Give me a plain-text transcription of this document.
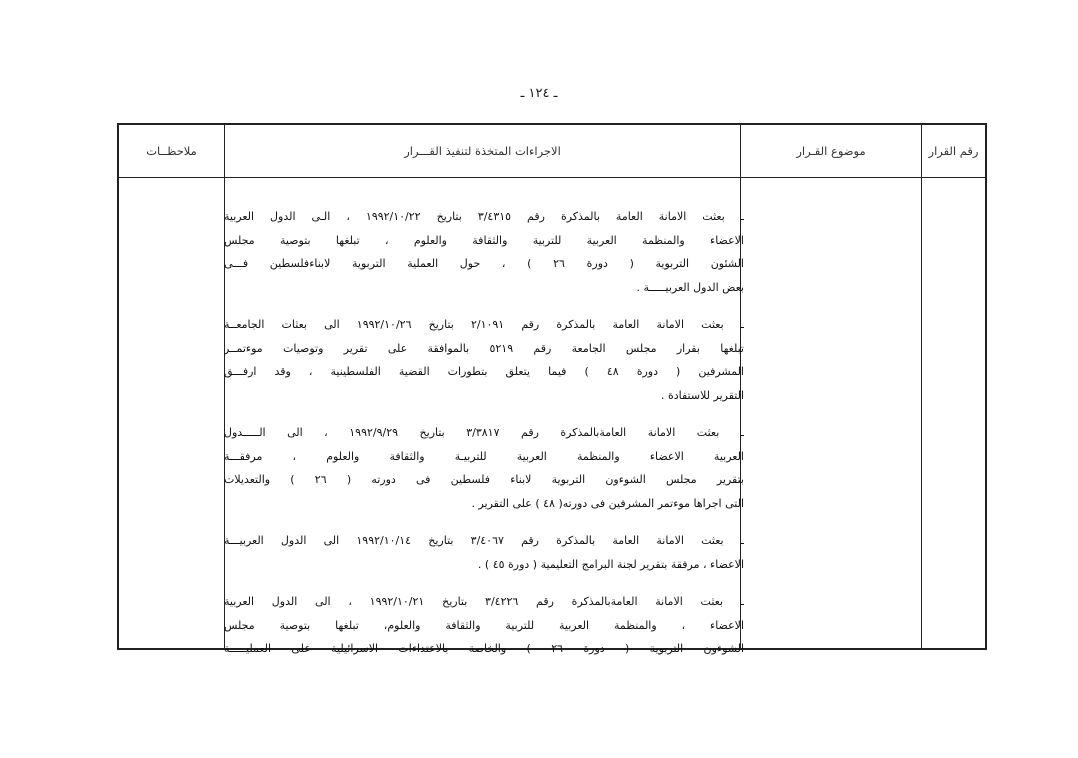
ـ ١٢٤ ـ
رقم القرار
موضوع القـرار
الاجراءات المتخذة لتنفيذ القـــرار
ملاحظــات
ـ بعثت الامانة العامة بالمذكرة رقم ٣/٤٣١٥ بتاريخ ١٩٩٢/١٠/٢٢ ، الـى الدول العربية
الاعضاء والمنظمة العربية للتربية والثقافة والعلوم ، تبلغها بتوصية مجلس
الشئون التربوية ( دورة ٢٦ ) ، حول العملية التربوية لابناءفلسطين فـــى
بعض الدول العربيـــــة .
ـ بعثت الامانة العامة بالمذكرة رقم ٢/١٠٩١ بتاريخ ١٩٩٢/١٠/٢٦ الى بعثات الجامعــة
تبلغها بقرار مجلس الجامعة رقم ٥٢١٩ بالموافقة على تقرير وتوصيات موءتمــر
المشرفين ( دورة ٤٨ ) فيما يتعلق بتطورات القضية الفلسطينية ، وقد ارفـــق
التقرير للاستفادة .
ـ بعثت الامانة العامةبالمذكرة رقم ٣/٣٨١٧ بتاريخ ١٩٩٢/٩/٢٩ ، الى الـــــدول
العربية الاعضاء والمنظمة العربية للتربيـة والثقافة والعلوم ، مرفقـــة
بتقرير مجلس الشوءون التربوية لابناء فلسطين فى دورته ( ٢٦ ) والتعديلات
التى اجراها موءتمر المشرفين فى دورته( ٤٨ ) على التقرير .
ـ بعثت الامانة العامة بالمذكرة رقم ٣/٤٠٦٧ بتاريخ ١٩٩٢/١٠/١٤ الى الدول العربيـــة
الاعضاء ، مرفقة بتقرير لجنة البرامج التعليمية ( دورة ٤٥ ) .
ـ بعثت الامانة العامةبالمذكرة رقم ٣/٤٢٢٦ بتاريخ ١٩٩٢/١٠/٢١ ، الى الدول العربية
الاعضاء ، والمنظمة العربية للتربية والثقافة والعلوم، تبلغها بتوصية مجلس
الشوءون التربوية ( دورة ٢٦ ) والخاصة بالاعتداءات الاسرائيلية على العمليـــــة
